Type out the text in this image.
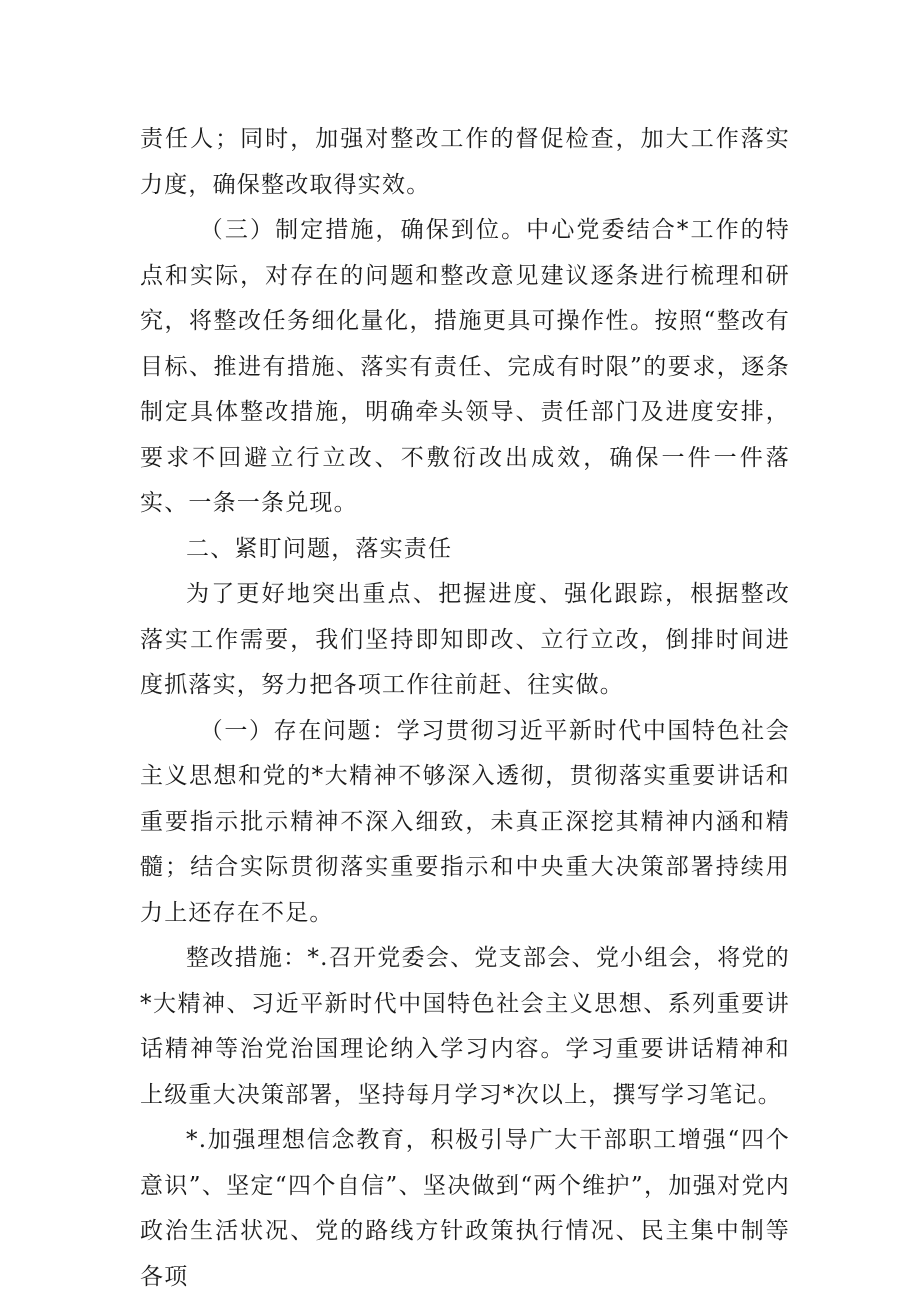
责任人；同时，加强对整改工作的督促检查，加大工作落实力度，确保整改取得实效。

（三）制定措施，确保到位。中心党委结合*工作的特点和实际，对存在的问题和整改意见建议逐条进行梳理和研究，将整改任务细化量化，措施更具可操作性。按照“整改有目标、推进有措施、落实有责任、完成有时限”的要求，逐条制定具体整改措施，明确牵头领导、责任部门及进度安排，要求不回避立行立改、不敷衍改出成效，确保一件一件落实、一条一条兑现。

二、紧盯问题，落实责任

为了更好地突出重点、把握进度、强化跟踪，根据整改落实工作需要，我们坚持即知即改、立行立改，倒排时间进度抓落实，努力把各项工作往前赶、往实做。

（一）存在问题：学习贯彻习近平新时代中国特色社会主义思想和党的*大精神不够深入透彻，贯彻落实重要讲话和重要指示批示精神不深入细致，未真正深挖其精神内涵和精髓；结合实际贯彻落实重要指示和中央重大决策部署持续用力上还存在不足。

整改措施：*.召开党委会、党支部会、党小组会，将党的*大精神、习近平新时代中国特色社会主义思想、系列重要讲话精神等治党治国理论纳入学习内容。学习重要讲话精神和上级重大决策部署，坚持每月学习*次以上，撰写学习笔记。

*.加强理想信念教育，积极引导广大干部职工增强“四个意识”、坚定“四个自信”、坚决做到“两个维护”，加强对党内政治生活状况、党的路线方针政策执行情况、民主集中制等各项
